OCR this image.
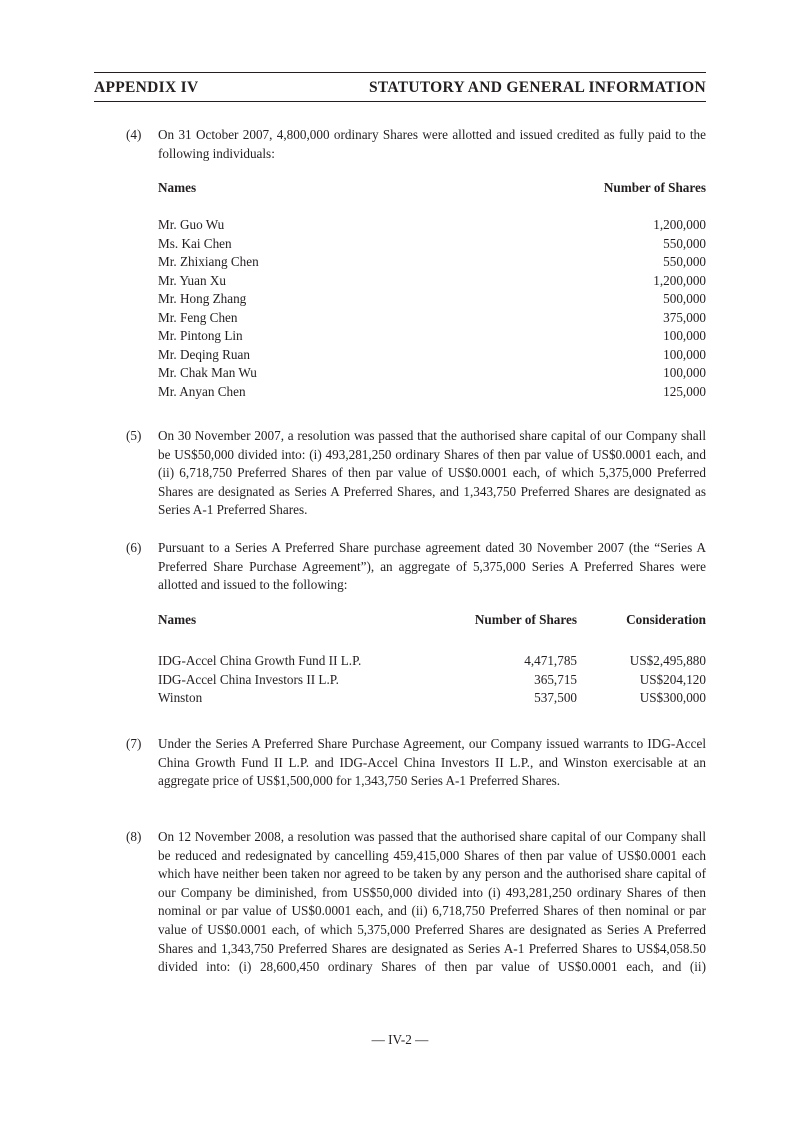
APPENDIX IV	STATUTORY AND GENERAL INFORMATION
(4) On 31 October 2007, 4,800,000 ordinary Shares were allotted and issued credited as fully paid to the following individuals:
Names	Number of Shares
Mr. Guo Wu	1,200,000
Ms. Kai Chen	550,000
Mr. Zhixiang Chen	550,000
Mr. Yuan Xu	1,200,000
Mr. Hong Zhang	500,000
Mr. Feng Chen	375,000
Mr. Pintong Lin	100,000
Mr. Deqing Ruan	100,000
Mr. Chak Man Wu	100,000
Mr. Anyan Chen	125,000
(5) On 30 November 2007, a resolution was passed that the authorised share capital of our Company shall be US$50,000 divided into: (i) 493,281,250 ordinary Shares of then par value of US$0.0001 each, and (ii) 6,718,750 Preferred Shares of then par value of US$0.0001 each, of which 5,375,000 Preferred Shares are designated as Series A Preferred Shares, and 1,343,750 Preferred Shares are designated as Series A-1 Preferred Shares.
(6) Pursuant to a Series A Preferred Share purchase agreement dated 30 November 2007 (the “Series A Preferred Share Purchase Agreement”), an aggregate of 5,375,000 Series A Preferred Shares were allotted and issued to the following:
Names	Number of Shares	Consideration
IDG-Accel China Growth Fund II L.P.	4,471,785	US$2,495,880
IDG-Accel China Investors II L.P.	365,715	US$204,120
Winston	537,500	US$300,000
(7) Under the Series A Preferred Share Purchase Agreement, our Company issued warrants to IDG-Accel China Growth Fund II L.P. and IDG-Accel China Investors II L.P., and Winston exercisable at an aggregate price of US$1,500,000 for 1,343,750 Series A-1 Preferred Shares.
(8) On 12 November 2008, a resolution was passed that the authorised share capital of our Company shall be reduced and redesignated by cancelling 459,415,000 Shares of then par value of US$0.0001 each which have neither been taken nor agreed to be taken by any person and the authorised share capital of our Company be diminished, from US$50,000 divided into (i) 493,281,250 ordinary Shares of then nominal or par value of US$0.0001 each, and (ii) 6,718,750 Preferred Shares of then nominal or par value of US$0.0001 each, of which 5,375,000 Preferred Shares are designated as Series A Preferred Shares and 1,343,750 Preferred Shares are designated as Series A-1 Preferred Shares to US$4,058.50 divided into: (i) 28,600,450 ordinary Shares of then par value of US$0.0001 each, and (ii)
— IV-2 —
